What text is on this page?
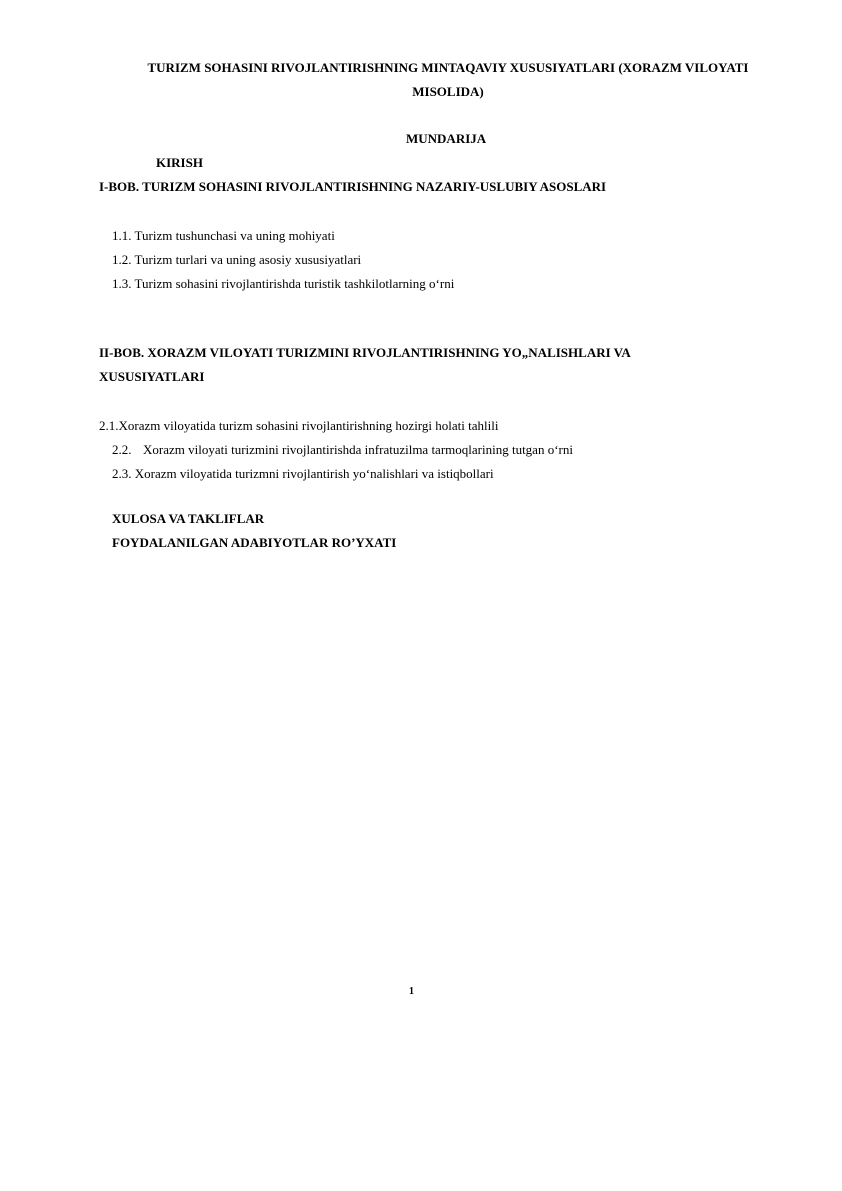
TURIZM SOHASINI RIVOJLANTIRISHNING MINTAQAVIY XUSUSIYATLARI (XORAZM VILOYATI MISOLIDA)
MUNDARIJA
KIRISH
I-BOB. TURIZM SOHASINI RIVOJLANTIRISHNING NAZARIY-USLUBIY ASOSLARI
1.1. Turizm tushunchasi va uning mohiyati
1.2. Turizm turlari va uning asosiy xususiyatlari
1.3. Turizm sohasini rivojlantirishda turistik tashkilotlarning o‘rni
II-BOB. XORAZM VILOYATI TURIZMINI RIVOJLANTIRISHNING YO„NALISHLARI VA
XUSUSIYATLARI
2.1.Xorazm viloyatida turizm sohasini rivojlantirishning hozirgi holati tahlili
2.2. Xorazm viloyati turizmini rivojlantirishda infratuzilma tarmoqlarining tutgan o‘rni
2.3. Xorazm viloyatida turizmni rivojlantirish yo‘nalishlari va istiqbollari
XULOSA VA TAKLIFLAR
FOYDALANILGAN ADABIYOTLAR RO’YXATI
1
